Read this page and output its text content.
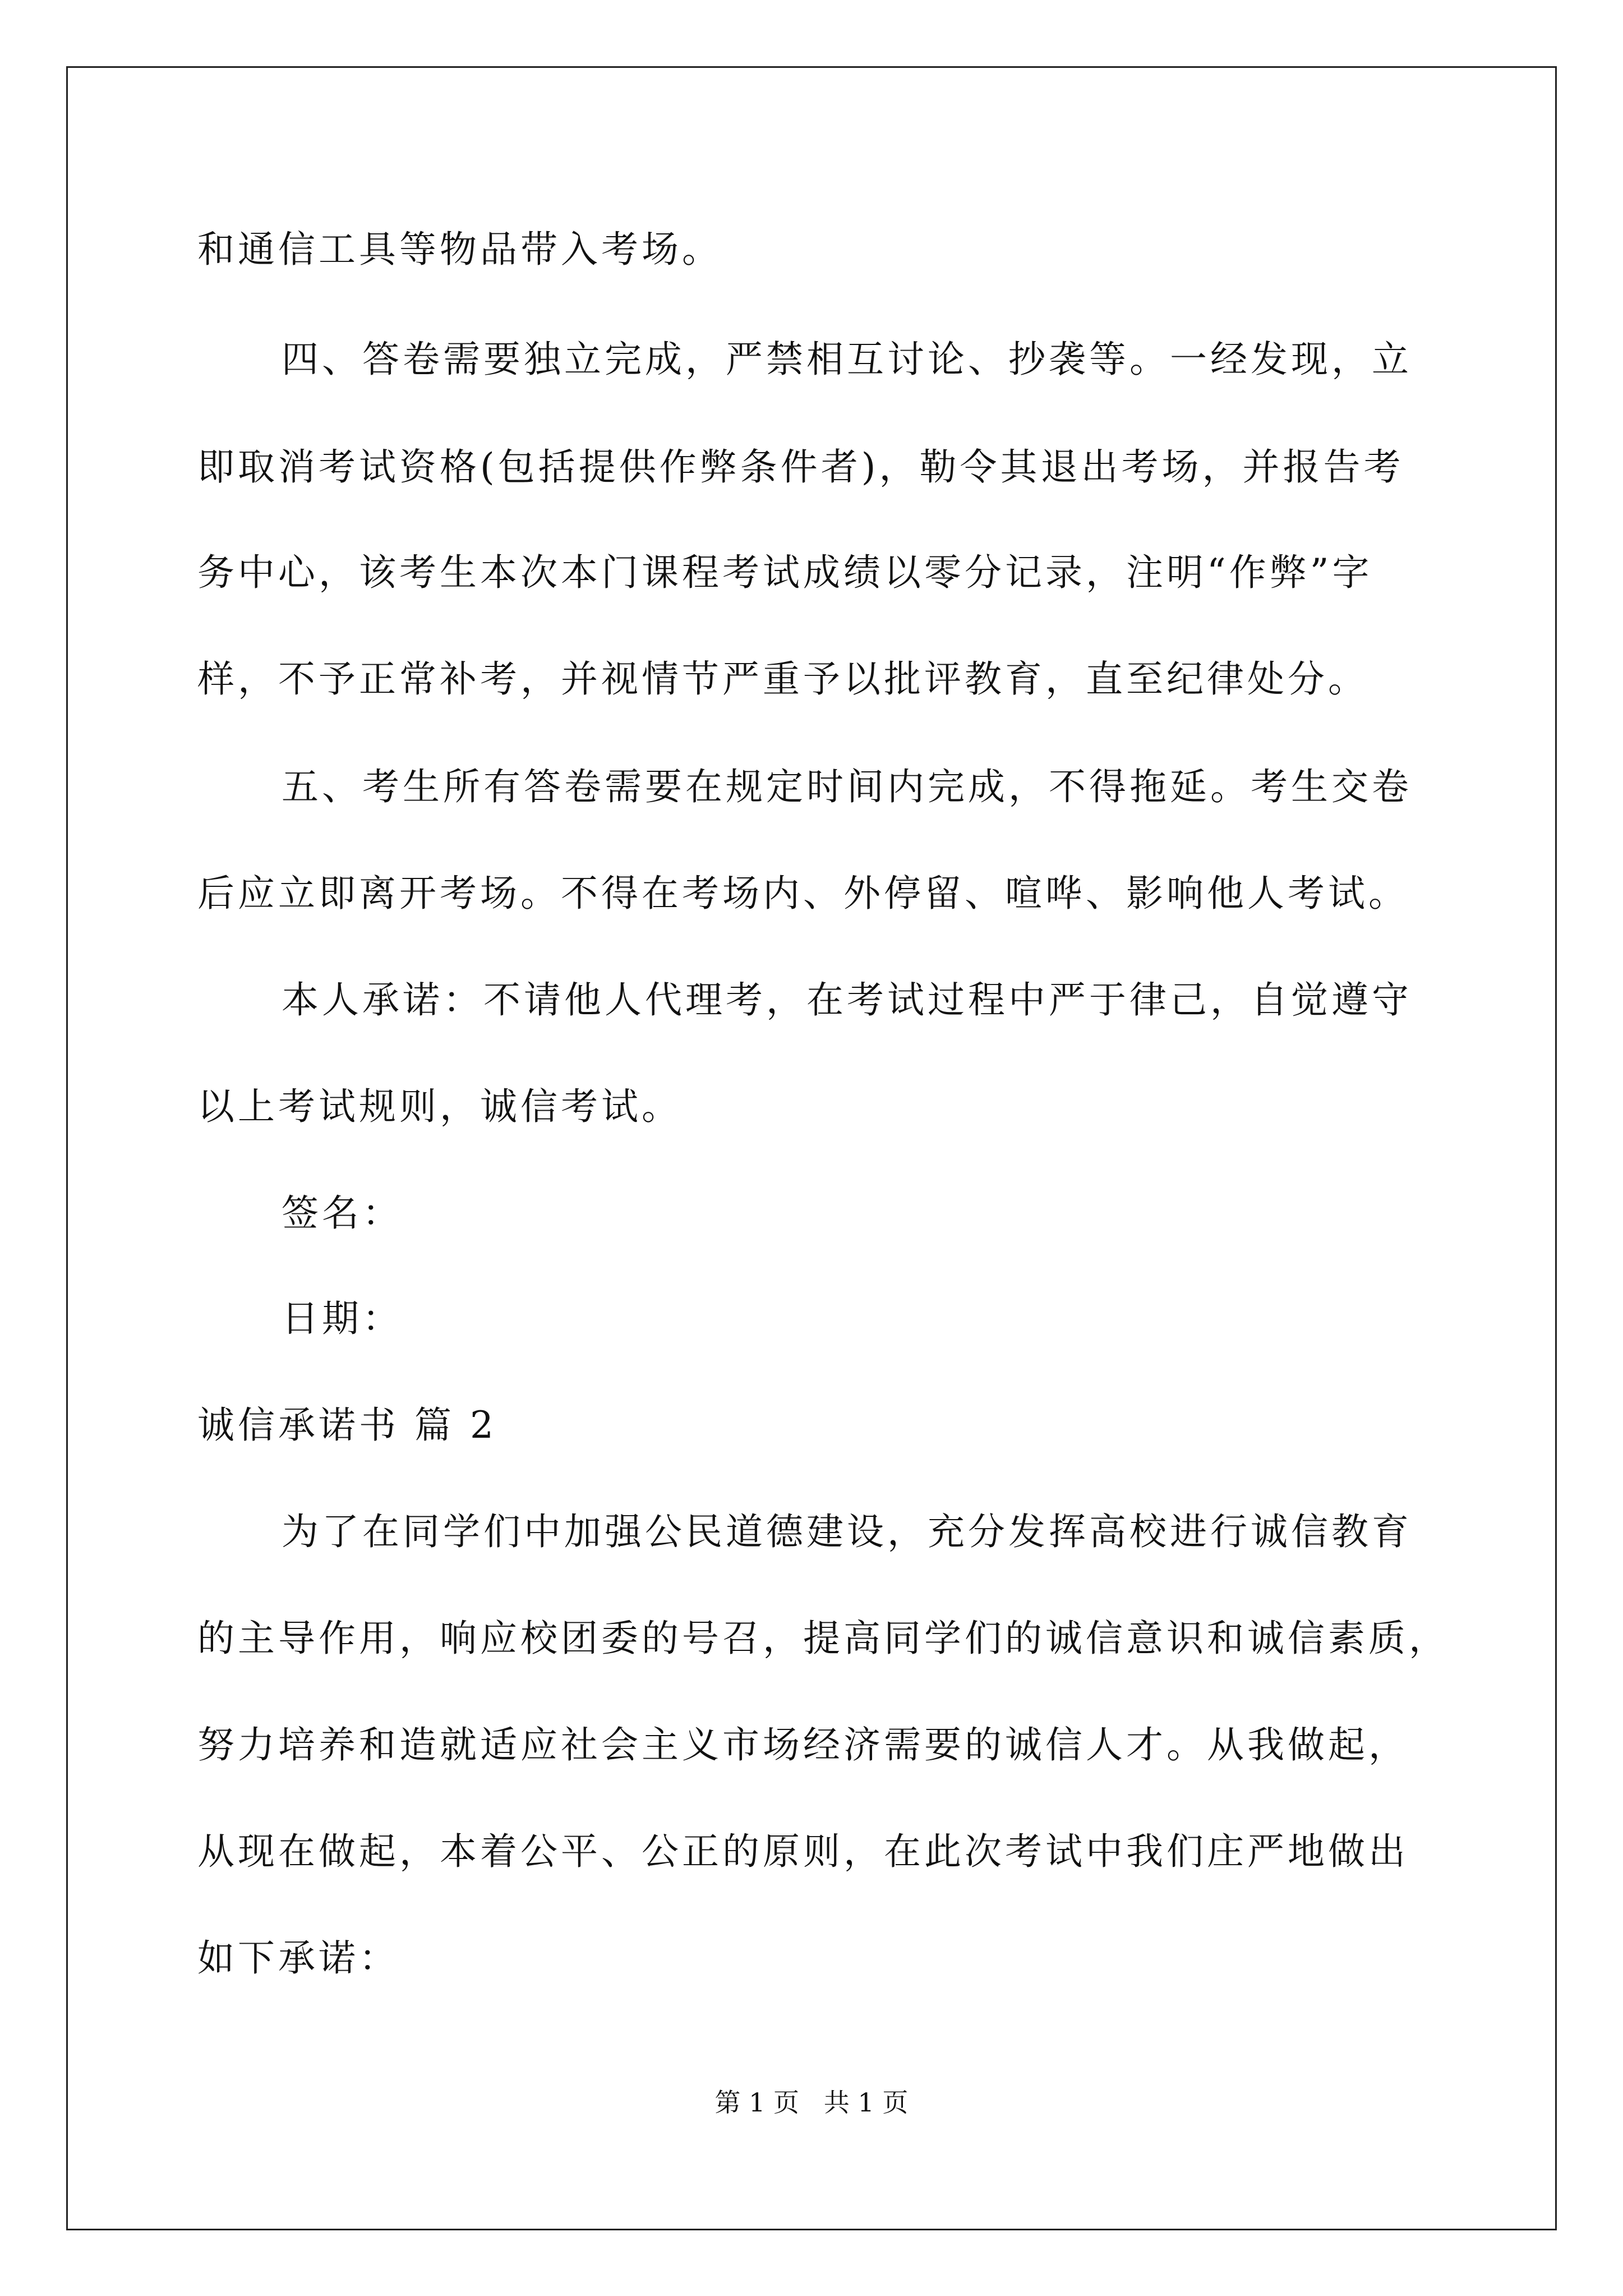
和通信工具等物品带入考场。
四、答卷需要独立完成，严禁相互讨论、抄袭等。一经发现，立
即取消考试资格(包括提供作弊条件者)，勒令其退出考场，并报告考
务中心，该考生本次本门课程考试成绩以零分记录，注明“作弊”字
样，不予正常补考，并视情节严重予以批评教育，直至纪律处分。
五、考生所有答卷需要在规定时间内完成，不得拖延。考生交卷
后应立即离开考场。不得在考场内、外停留、喧哗、影响他人考试。
本人承诺：不请他人代理考，在考试过程中严于律己，自觉遵守
以上考试规则，诚信考试。
签名：
日期：
诚信承诺书 篇 2
为了在同学们中加强公民道德建设，充分发挥高校进行诚信教育
的主导作用，响应校团委的号召，提高同学们的诚信意识和诚信素质，
努力培养和造就适应社会主义市场经济需要的诚信人才。从我做起，
从现在做起，本着公平、公正的原则，在此次考试中我们庄严地做出
如下承诺：
第 1 页   共 1 页
